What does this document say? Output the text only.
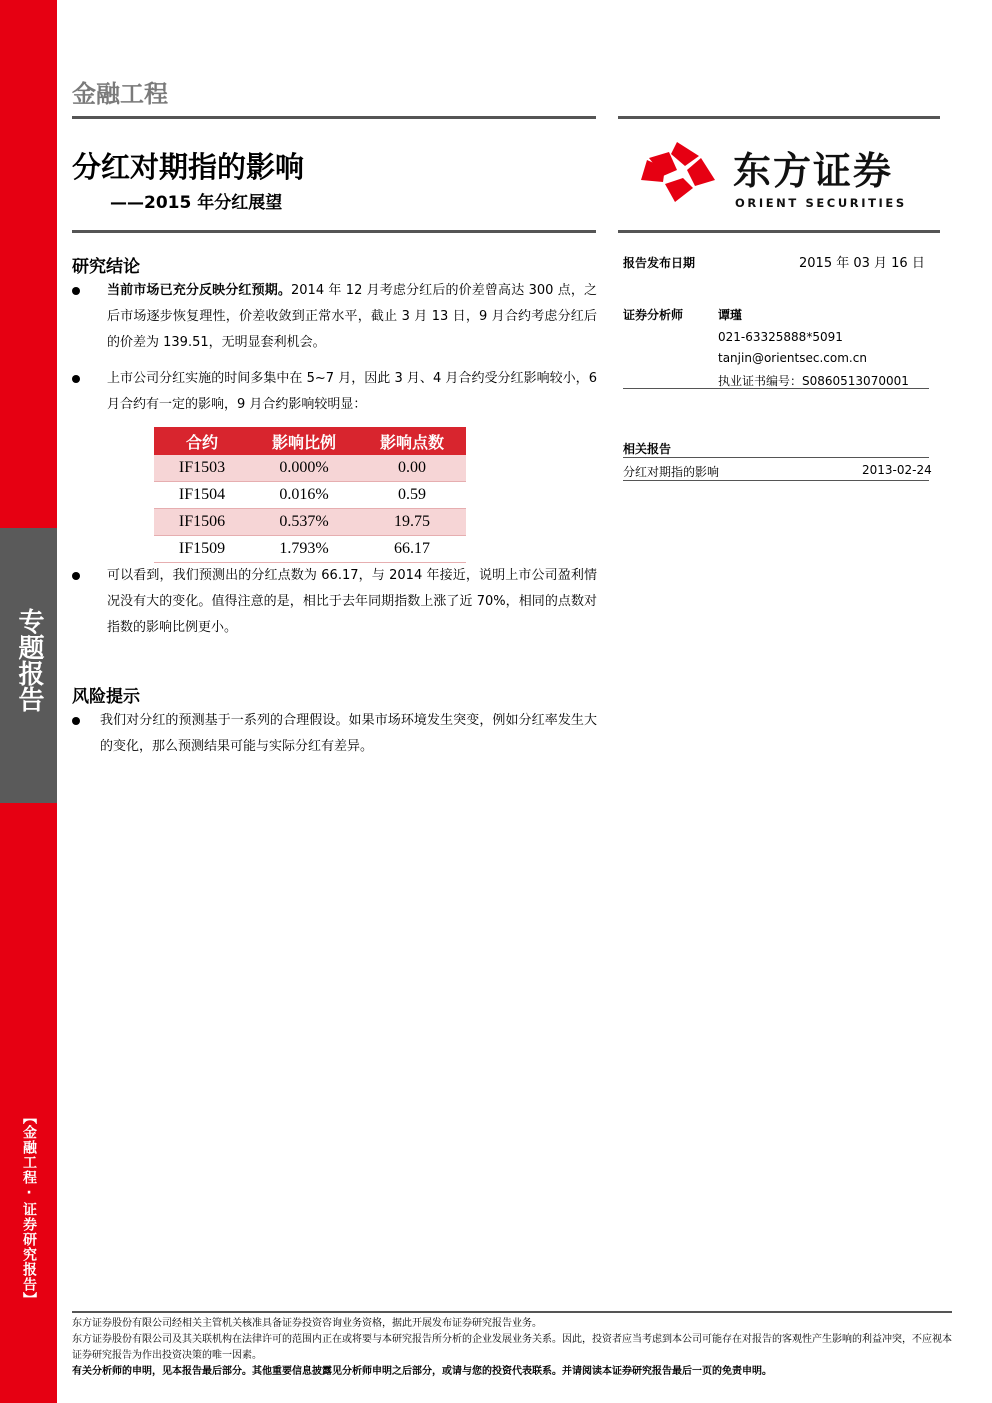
专题报告
【金融工程·证券研究报告】
金融工程
分红对期指的影响
——2015 年分红展望
东方证券
ORIENT SECURITIES
研究结论
当前市场已充分反映分红预期。2014 年 12 月考虑分红后的价差曾高达 300 点，之后市场逐步恢复理性，价差收敛到正常水平，截止 3 月 13 日，9 月合约考虑分红后的价差为 139.51，无明显套利机会。
上市公司分红实施的时间多集中在 5~7 月，因此 3 月、4 月合约受分红影响较小，6 月合约有一定的影响，9 月合约影响较明显：
合约	影响比例	影响点数
IF1503	0.000%	0.00
IF1504	0.016%	0.59
IF1506	0.537%	19.75
IF1509	1.793%	66.17
可以看到，我们预测出的分红点数为 66.17，与 2014 年接近，说明上市公司盈利情况没有大的变化。值得注意的是，相比于去年同期指数上涨了近 70%，相同的点数对指数的影响比例更小。
风险提示
我们对分红的预测基于一系列的合理假设。如果市场环境发生突变，例如分红率发生大的变化，那么预测结果可能与实际分红有差异。
报告发布日期	2015 年 03 月 16 日
证券分析师	谭瑾
021-63325888*5091
tanjin@orientsec.com.cn
执业证书编号：S0860513070001
相关报告
分红对期指的影响	2013-02-24
东方证券股份有限公司经相关主管机关核准具备证券投资咨询业务资格，据此开展发布证券研究报告业务。
东方证券股份有限公司及其关联机构在法律许可的范围内正在或将要与本研究报告所分析的企业发展业务关系。因此，投资者应当考虑到本公司可能存在对报告的客观性产生影响的利益冲突，不应视本证券研究报告为作出投资决策的唯一因素。
有关分析师的申明，见本报告最后部分。其他重要信息披露见分析师申明之后部分，或请与您的投资代表联系。并请阅读本证券研究报告最后一页的免责申明。
